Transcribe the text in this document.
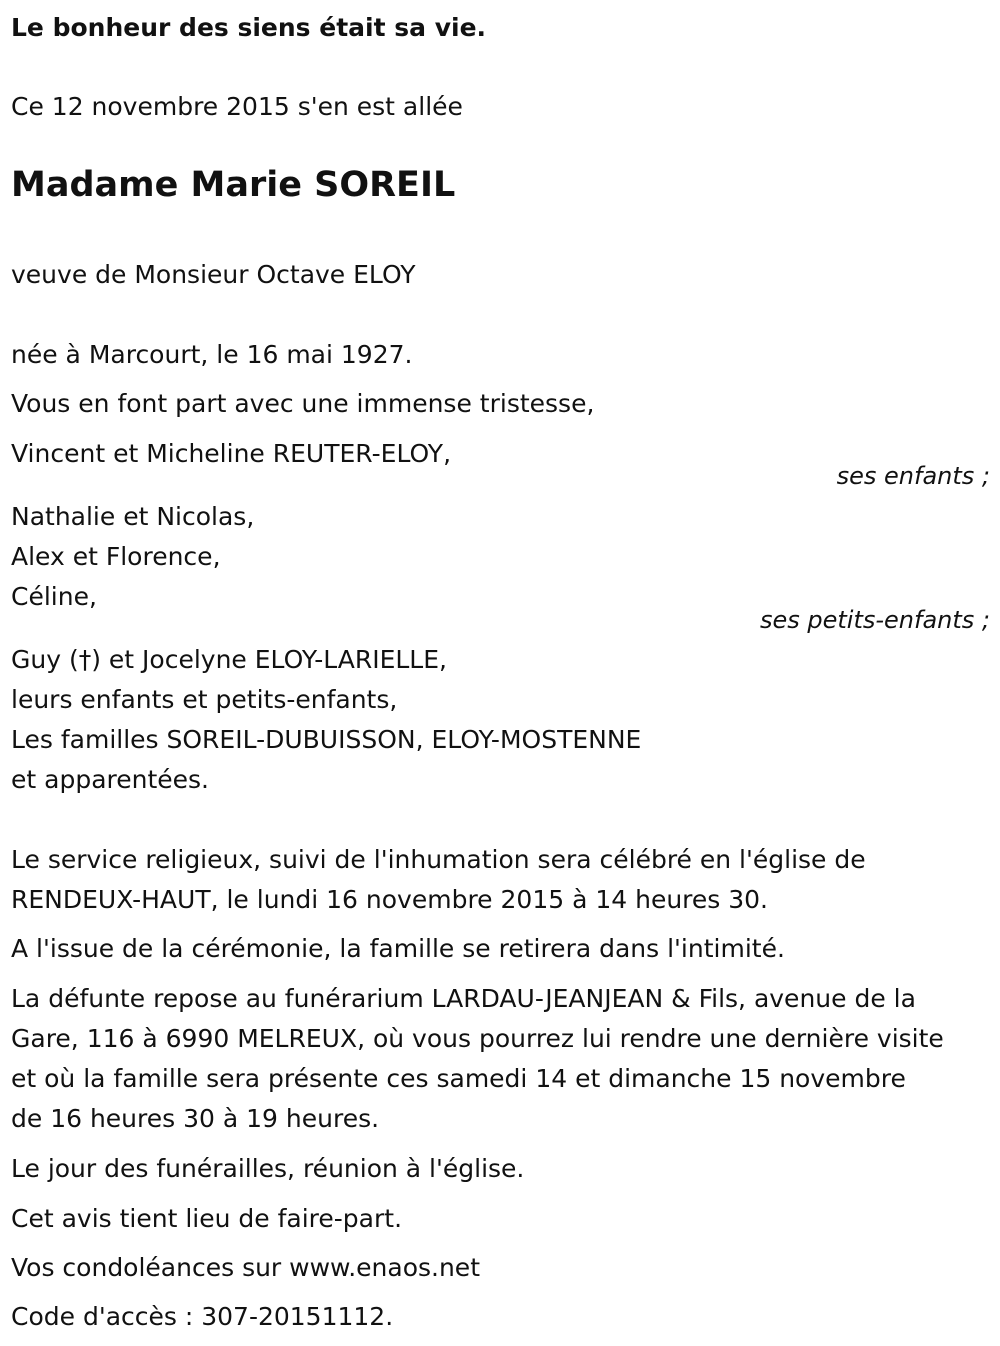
Le bonheur des siens était sa vie.
Ce 12 novembre 2015 s'en est allée
Madame Marie SOREIL
veuve de Monsieur Octave ELOY
née à Marcourt, le 16 mai 1927.
Vous en font part avec une immense tristesse,
Vincent et Micheline REUTER-ELOY,
ses enfants ;
Nathalie et Nicolas,
Alex et Florence,
Céline,
ses petits-enfants ;
Guy (†) et Jocelyne ELOY-LARIELLE,
leurs enfants et petits-enfants,
Les familles SOREIL-DUBUISSON, ELOY-MOSTENNE
et apparentées.
Le service religieux, suivi de l'inhumation sera célébré en l'église de
RENDEUX-HAUT, le lundi 16 novembre 2015 à 14 heures 30.
A l'issue de la cérémonie, la famille se retirera dans l'intimité.
La défunte repose au funérarium LARDAU-JEANJEAN & Fils, avenue de la
Gare, 116 à 6990 MELREUX, où vous pourrez lui rendre une dernière visite
et où la famille sera présente ces samedi 14 et dimanche 15 novembre
de 16 heures 30 à 19 heures.
Le jour des funérailles, réunion à l'église.
Cet avis tient lieu de faire-part.
Vos condoléances sur www.enaos.net
Code d'accès : 307-20151112.
